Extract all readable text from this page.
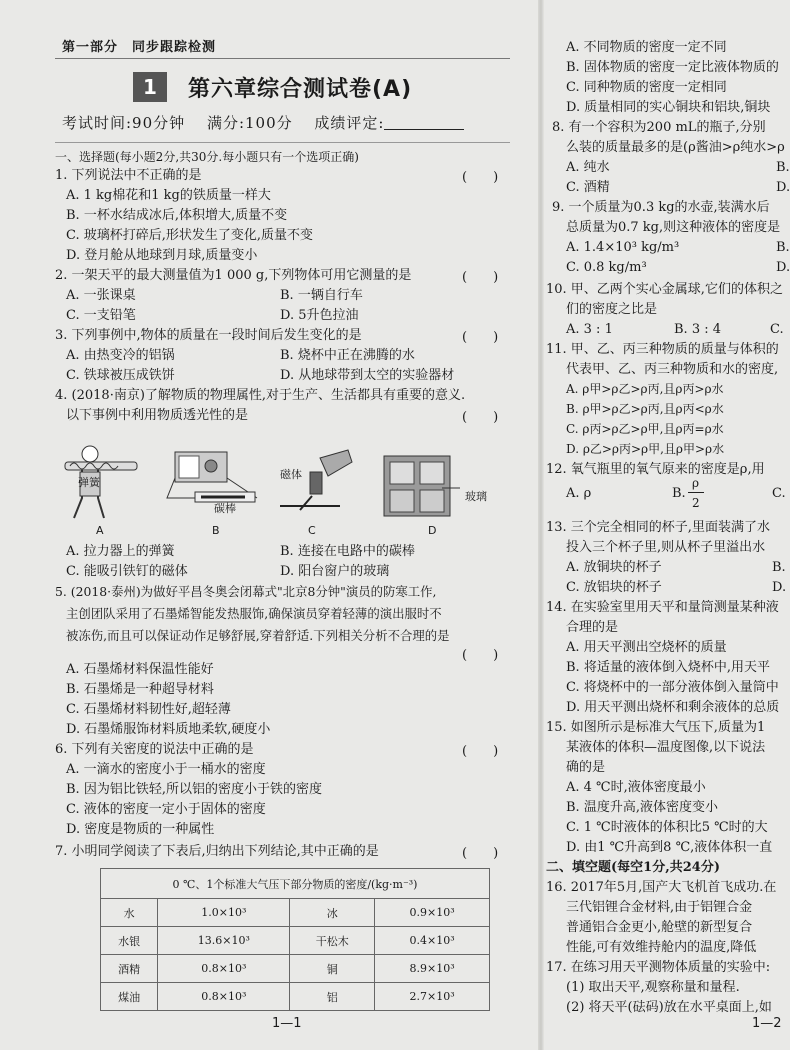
第一部分　同步跟踪检测
1	第六章综合测试卷(A)
考试时间:90分钟　 满分:100分　 成绩评定:
一、选择题(每小题2分,共30分.每小题只有一个选项正确)
1. 下列说法中不正确的是	(　　)
A. 1 kg棉花和1 kg的铁质量一样大
B. 一杯水结成冰后,体积增大,质量不变
C. 玻璃杯打碎后,形状发生了变化,质量不变
D. 登月舱从地球到月球,质量变小
2. 一架天平的最大测量值为1 000 g,下列物体可用它测量的是	(　　)
A. 一张课桌	B. 一辆自行车
C. 一支铅笔	D. 5升色拉油
3. 下列事例中,物体的质量在一段时间后发生变化的是	(　　)
A. 由热变冷的铝锅	B. 烧杯中正在沸腾的水
C. 铁球被压成铁饼	D. 从地球带到太空的实验器材
4. (2018·南京)了解物质的物理属性,对于生产、生活都具有重要的意义.
以下事例中利用物质透光性的是	(　　)
弹簧
碳棒
磁体
玻璃
A	B	C	D
A. 拉力器上的弹簧	B. 连接在电路中的碳棒
C. 能吸引铁钉的磁体	D. 阳台窗户的玻璃
5. (2018·泰州)为做好平昌冬奥会闭幕式"北京8分钟"演员的防寒工作,
主创团队采用了石墨烯智能发热服饰,确保演员穿着轻薄的演出服时不
被冻伤,而且可以保证动作足够舒展,穿着舒适.下列相关分析不合理的是
(　　)
A. 石墨烯材料保温性能好
B. 石墨烯是一种超导材料
C. 石墨烯材料韧性好,超轻薄
D. 石墨烯服饰材料质地柔软,硬度小
6. 下列有关密度的说法中正确的是	(　　)
A. 一滴水的密度小于一桶水的密度
B. 因为铝比铁轻,所以铝的密度小于铁的密度
C. 液体的密度一定小于固体的密度
D. 密度是物质的一种属性
7. 小明同学阅读了下表后,归纳出下列结论,其中正确的是	(　　)
0 ℃、1个标准大气压下部分物质的密度/(kg·m⁻³)			
水	1.0×10³	冰	0.9×10³
水银	13.6×10³	干松木	0.4×10³
酒精	0.8×10³	铜	8.9×10³
煤油	0.8×10³	铝	2.7×10³
1—1
A. 不同物质的密度一定不同
B. 固体物质的密度一定比液体物质的
C. 同种物质的密度一定相同
D. 质量相同的实心铜块和铝块,铜块
8. 有一个容积为200 mL的瓶子,分别
么装的质量最多的是(ρ酱油>ρ纯水>ρ
A. 纯水	B.
C. 酒精	D.
9. 一个质量为0.3 kg的水壶,装满水后
总质量为0.7 kg,则这种液体的密度是
A. 1.4×10³ kg/m³	B.
C. 0.8 kg/m³	D.
10. 甲、乙两个实心金属球,它们的体积之
们的密度之比是
A. 3 : 1	B. 3 : 4	C.
11. 甲、乙、丙三种物质的质量与体积的
代表甲、乙、丙三种物质和水的密度,
A. ρ甲>ρ乙>ρ丙,且ρ丙>ρ水
B. ρ甲>ρ乙>ρ丙,且ρ丙<ρ水
C. ρ丙>ρ乙>ρ甲,且ρ丙=ρ水
D. ρ乙>ρ丙>ρ甲,且ρ甲>ρ水
12. 氧气瓶里的氧气原来的密度是ρ,用
A. ρ	B.
ρ
2
C.
13. 三个完全相同的杯子,里面装满了水
投入三个杯子里,则从杯子里溢出水
A. 放铜块的杯子	B.
C. 放铝块的杯子	D.
14. 在实验室里用天平和量筒测量某种液
合理的是
A. 用天平测出空烧杯的质量
B. 将适量的液体倒入烧杯中,用天平
C. 将烧杯中的一部分液体倒入量筒中
D. 用天平测出烧杯和剩余液体的总质
15. 如图所示是标准大气压下,质量为1
某液体的体积—温度图像,以下说法
确的是
A. 4 ℃时,液体密度最小
B. 温度升高,液体密度变小
C. 1 ℃时液体的体积比5 ℃时的大
D. 由1 ℃升高到8 ℃,液体体积一直
二、填空题(每空1分,共24分)
16. 2017年5月,国产大飞机首飞成功.在
三代铝锂合金材料,由于铝锂合金
普通铝合金更小,舱壁的新型复合
性能,可有效维持舱内的温度,降低
17. 在练习用天平测物体质量的实验中:
(1) 取出天平,观察称量和量程.
(2) 将天平(砝码)放在水平桌面上,如
1—2
